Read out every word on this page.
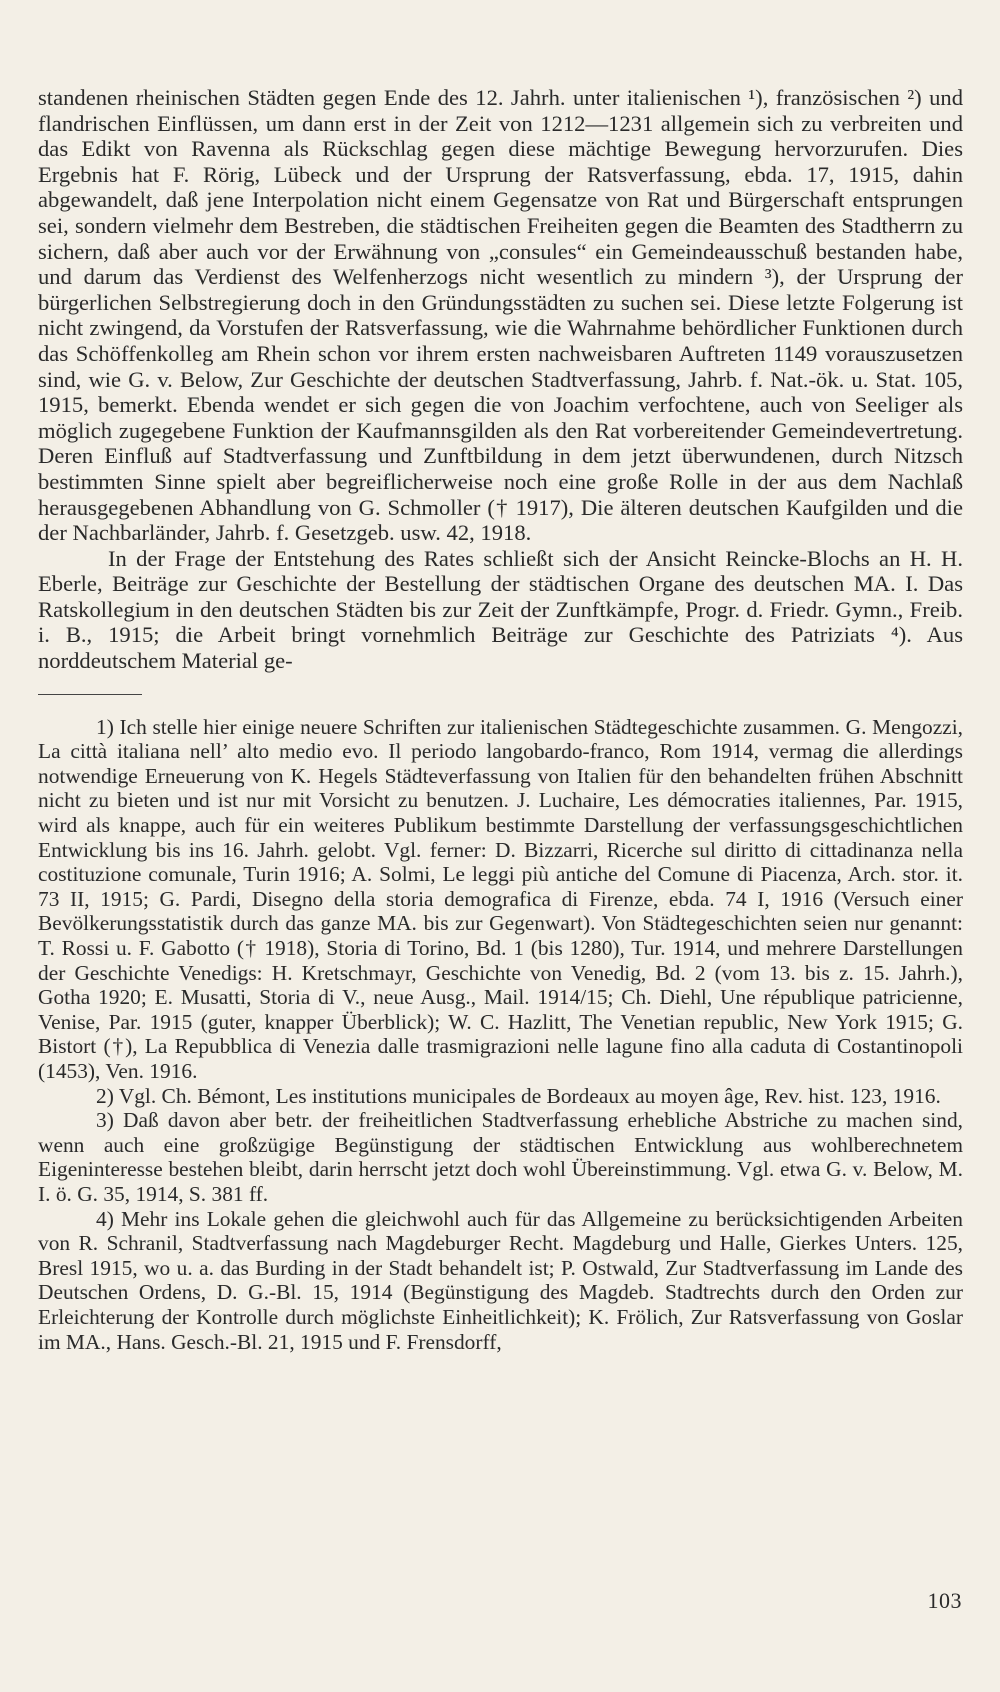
standenen rheinischen Städten gegen Ende des 12. Jahrh. unter italienischen ¹), französischen ²) und flandrischen Einflüssen, um dann erst in der Zeit von 1212—1231 allgemein sich zu verbreiten und das Edikt von Ravenna als Rückschlag gegen diese mächtige Bewegung hervorzurufen. Dies Ergebnis hat F. Rörig, Lübeck und der Ursprung der Ratsverfassung, ebda. 17, 1915, dahin abgewandelt, daß jene Interpolation nicht einem Gegensatze von Rat und Bürgerschaft entsprungen sei, sondern vielmehr dem Bestreben, die städtischen Freiheiten gegen die Beamten des Stadtherrn zu sichern, daß aber auch vor der Erwähnung von „consules“ ein Gemeindeausschuß bestanden habe, und darum das Verdienst des Welfenherzogs nicht wesentlich zu mindern ³), der Ursprung der bürgerlichen Selbstregierung doch in den Gründungsstädten zu suchen sei. Diese letzte Folgerung ist nicht zwingend, da Vorstufen der Ratsverfassung, wie die Wahrnahme behördlicher Funktionen durch das Schöffenkolleg am Rhein schon vor ihrem ersten nachweisbaren Auftreten 1149 vorauszusetzen sind, wie G. v. Below, Zur Geschichte der deutschen Stadtverfassung, Jahrb. f. Nat.-ök. u. Stat. 105, 1915, bemerkt. Ebenda wendet er sich gegen die von Joachim verfochtene, auch von Seeliger als möglich zugegebene Funktion der Kaufmannsgilden als den Rat vorbereitender Gemeindevertretung. Deren Einfluß auf Stadtverfassung und Zunftbildung in dem jetzt überwundenen, durch Nitzsch bestimmten Sinne spielt aber begreiflicherweise noch eine große Rolle in der aus dem Nachlaß herausgegebenen Abhandlung von G. Schmoller († 1917), Die älteren deutschen Kaufgilden und die der Nachbarländer, Jahrb. f. Gesetzgeb. usw. 42, 1918.

In der Frage der Entstehung des Rates schließt sich der Ansicht Reincke-Blochs an H. H. Eberle, Beiträge zur Geschichte der Bestellung der städtischen Organe des deutschen MA. I. Das Ratskollegium in den deutschen Städten bis zur Zeit der Zunftkämpfe, Progr. d. Friedr. Gymn., Freib. i. B., 1915; die Arbeit bringt vornehmlich Beiträge zur Geschichte des Patriziats ⁴). Aus norddeutschem Material ge-

1) Ich stelle hier einige neuere Schriften zur italienischen Städtegeschichte zusammen. G. Mengozzi, La città italiana nell’ alto medio evo. Il periodo langobardo-franco, Rom 1914, vermag die allerdings notwendige Erneuerung von K. Hegels Städteverfassung von Italien für den behandelten frühen Abschnitt nicht zu bieten und ist nur mit Vorsicht zu benutzen. J. Luchaire, Les démocraties italiennes, Par. 1915, wird als knappe, auch für ein weiteres Publikum bestimmte Darstellung der verfassungsgeschichtlichen Entwicklung bis ins 16. Jahrh. gelobt. Vgl. ferner: D. Bizzarri, Ricerche sul diritto di cittadinanza nella costituzione comunale, Turin 1916; A. Solmi, Le leggi più antiche del Comune di Piacenza, Arch. stor. it. 73 II, 1915; G. Pardi, Disegno della storia demografica di Firenze, ebda. 74 I, 1916 (Versuch einer Bevölkerungsstatistik durch das ganze MA. bis zur Gegenwart). Von Städtegeschichten seien nur genannt: T. Rossi u. F. Gabotto († 1918), Storia di Torino, Bd. 1 (bis 1280), Tur. 1914, und mehrere Darstellungen der Geschichte Venedigs: H. Kretschmayr, Geschichte von Venedig, Bd. 2 (vom 13. bis z. 15. Jahrh.), Gotha 1920; E. Musatti, Storia di V., neue Ausg., Mail. 1914/15; Ch. Diehl, Une république patricienne, Venise, Par. 1915 (guter, knapper Überblick); W. C. Hazlitt, The Venetian republic, New York 1915; G. Bistort (†), La Repubblica di Venezia dalle trasmigrazioni nelle lagune fino alla caduta di Costantinopoli (1453), Ven. 1916.

2) Vgl. Ch. Bémont, Les institutions municipales de Bordeaux au moyen âge, Rev. hist. 123, 1916.

3) Daß davon aber betr. der freiheitlichen Stadtverfassung erhebliche Abstriche zu machen sind, wenn auch eine großzügige Begünstigung der städtischen Entwicklung aus wohlberechnetem Eigeninteresse bestehen bleibt, darin herrscht jetzt doch wohl Übereinstimmung. Vgl. etwa G. v. Below, M. I. ö. G. 35, 1914, S. 381 ff.

4) Mehr ins Lokale gehen die gleichwohl auch für das Allgemeine zu berücksichtigenden Arbeiten von R. Schranil, Stadtverfassung nach Magdeburger Recht. Magdeburg und Halle, Gierkes Unters. 125, Bresl 1915, wo u. a. das Burding in der Stadt behandelt ist; P. Ostwald, Zur Stadtverfassung im Lande des Deutschen Ordens, D. G.-Bl. 15, 1914 (Begünstigung des Magdeb. Stadtrechts durch den Orden zur Erleichterung der Kontrolle durch möglichste Einheitlichkeit); K. Frölich, Zur Ratsverfassung von Goslar im MA., Hans. Gesch.-Bl. 21, 1915 und F. Frensdorff,

103
